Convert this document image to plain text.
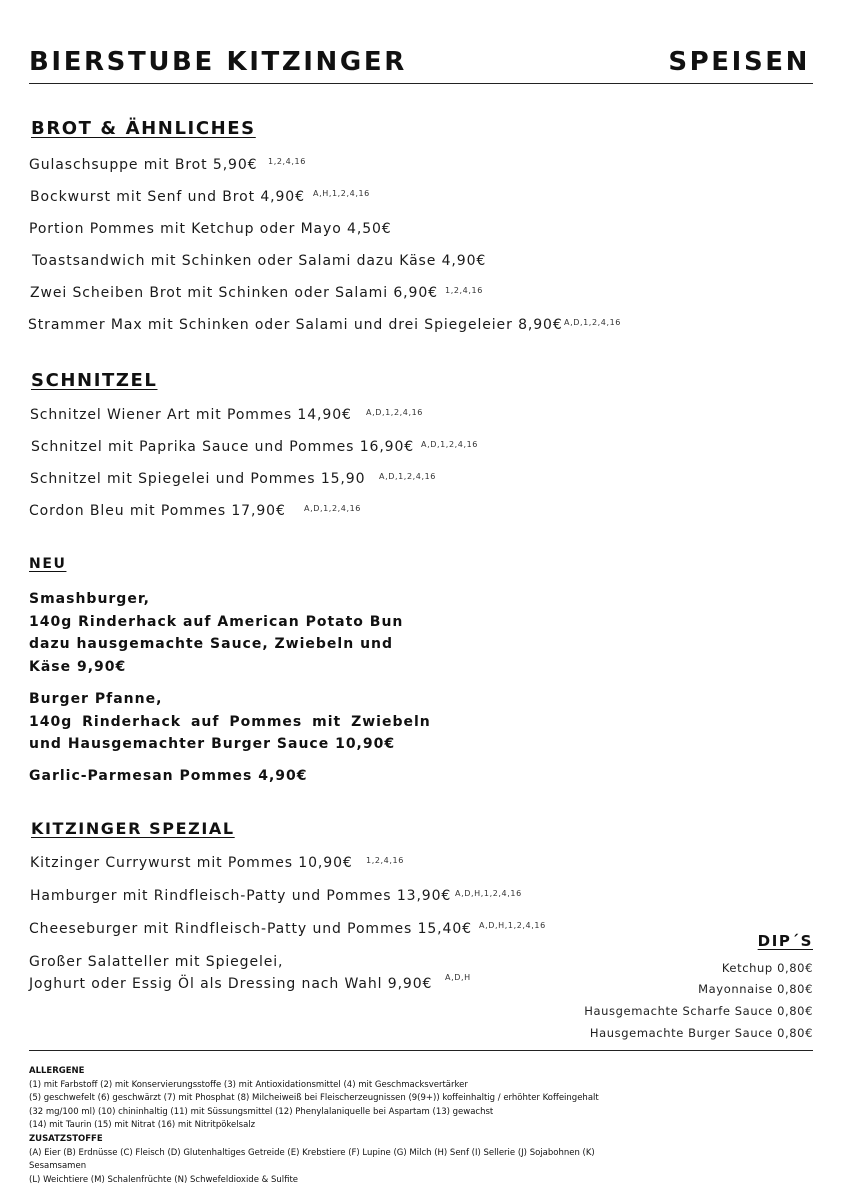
BIERSTUBE KITZINGER	SPEISEN
BROT & ÄHNLICHES
Gulaschsuppe mit Brot 5,90€ 1,2,4,16
Bockwurst mit Senf und Brot 4,90€ A,H,1,2,4,16
Portion Pommes mit Ketchup oder Mayo 4,50€
Toastsandwich mit Schinken oder Salami dazu Käse 4,90€
Zwei Scheiben Brot mit Schinken oder Salami 6,90€ 1,2,4,16
Strammer Max mit Schinken oder Salami und drei Spiegeleier 8,90€ A,D,1,2,4,16
SCHNITZEL
Schnitzel Wiener Art mit Pommes 14,90€ A,D,1,2,4,16
Schnitzel mit Paprika Sauce und Pommes 16,90€ A,D,1,2,4,16
Schnitzel mit Spiegelei und Pommes 15,90 A,D,1,2,4,16
Cordon Bleu mit Pommes 17,90€ A,D,1,2,4,16
NEU
Smashburger,
140g Rinderhack auf American Potato Bun
dazu hausgemachte Sauce, Zwiebeln und
Käse 9,90€
Burger Pfanne,
140g Rinderhack auf Pommes mit Zwiebeln
und Hausgemachter Burger Sauce 10,90€
Garlic-Parmesan Pommes 4,90€
KITZINGER SPEZIAL
Kitzinger Currywurst mit Pommes 10,90€ 1,2,4,16
Hamburger mit Rindfleisch-Patty und Pommes 13,90€ A,D,H,1,2,4,16
Cheeseburger mit Rindfleisch-Patty und Pommes 15,40€ A,D,H,1,2,4,16
Großer Salatteller mit Spiegelei,
Joghurt oder Essig Öl als Dressing nach Wahl 9,90€ A,D,H
DIP´S
Ketchup 0,80€
Mayonnaise 0,80€
Hausgemachte Scharfe Sauce 0,80€
Hausgemachte Burger Sauce 0,80€
ALLERGENE
(1) mit Farbstoff (2) mit Konservierungsstoffe (3) mit Antioxidationsmittel (4) mit Geschmacksvertärker
(5) geschwefelt (6) geschwärzt (7) mit Phosphat (8) Milcheiweiß bei Fleischerzeugnissen (9(9+)) koffeinhaltig / erhöhter Koffeingehalt
(32 mg/100 ml) (10) chininhaltig (11) mit Süssungsmittel (12) Phenylalaniquelle bei Aspartam (13) gewachst
(14) mit Taurin (15) mit Nitrat (16) mit Nitritpökelsalz
ZUSATZSTOFFE
(A) Eier (B) Erdnüsse (C) Fleisch (D) Glutenhaltiges Getreide (E) Krebstiere (F) Lupine (G) Milch (H) Senf (I) Sellerie (J) Sojabohnen (K)
Sesamsamen
(L) Weichtiere (M) Schalenfrüchte (N) Schwefeldioxide & Sulfite
